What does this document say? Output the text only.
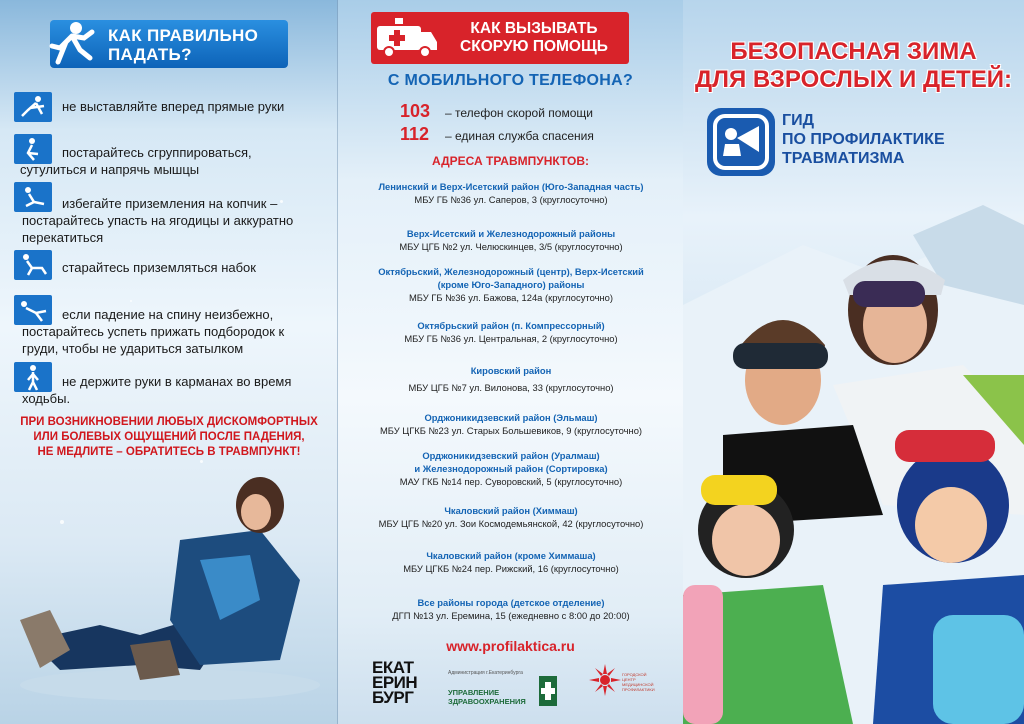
КАК ПРАВИЛЬНО
ПАДАТЬ?
не выставляйте вперед прямые руки
постарайтесь сгруппироваться,
сутулиться и напрячь мышцы
избегайте приземления на копчик –
постарайтесь упасть на ягодицы и аккуратно
перекатиться
старайтесь приземляться набок
если падение на спину неизбежно,
постарайтесь успеть прижать подбородок к
груди, чтобы не удариться затылком
не держите руки в карманах во время
ходьбы.
ПРИ ВОЗНИКНОВЕНИИ ЛЮБЫХ ДИСКОМФОРТНЫХ
ИЛИ БОЛЕВЫХ ОЩУЩЕНИЙ ПОСЛЕ ПАДЕНИЯ,
НЕ МЕДЛИТЕ – ОБРАТИТЕСЬ В ТРАВМПУНКТ!
КАК ВЫЗЫВАТЬ
СКОРУЮ ПОМОЩЬ
С МОБИЛЬНОГО ТЕЛЕФОНА?
103 – телефон скорой помощи
112 – единая служба спасения
АДРЕСА ТРАВМПУНКТОВ:
Ленинский и Верх-Исетский район (Юго-Западная часть)
МБУ ГБ №36 ул. Саперов, 3 (круглосуточно)
Верх-Исетский и Железнодорожный районы
МБУ ЦГБ №2 ул. Челюскинцев, 3/5 (круглосуточно)
Октябрьский, Железнодорожный (центр), Верх-Исетский
(кроме Юго-Западного) районы
МБУ ГБ №36 ул. Бажова, 124а (круглосуточно)
Октябрьский район (п. Компрессорный)
МБУ ГБ №36 ул. Центральная, 2 (круглосуточно)
Кировский район
МБУ ЦГБ №7 ул. Вилонова, 33 (круглосуточно)
Орджоникидзевский район (Эльмаш)
МБУ ЦГКБ №23 ул. Старых Большевиков, 9 (круглосуточно)
Орджоникидзевский район (Уралмаш)
и Железнодорожный район (Сортировка)
МАУ ГКБ №14 пер. Суворовский, 5 (круглосуточно)
Чкаловский район (Химмаш)
МБУ ЦГБ №20 ул. Зои Космодемьянской, 42 (круглосуточно)
Чкаловский район (кроме Химмаша)
МБУ ЦГКБ №24 пер. Рижский, 16 (круглосуточно)
Все районы города (детское отделение)
ДГП №13 ул. Еремина, 15 (ежедневно с 8:00 до 20:00)
www.profilaktica.ru
ЕКАТ
ЕРИН
БУРГ
Администрация г.Екатеринбурга
УПРАВЛЕНИЕ
ЗДРАВООХРАНЕНИЯ
ГОРОДСКОЙ ЦЕНТР МЕДИЦИНСКОЙ ПРОФИЛАКТИКИ
БЕЗОПАСНАЯ ЗИМА
ДЛЯ ВЗРОСЛЫХ И ДЕТЕЙ:
ГИД
ПО ПРОФИЛАКТИКЕ
ТРАВМАТИЗМА
